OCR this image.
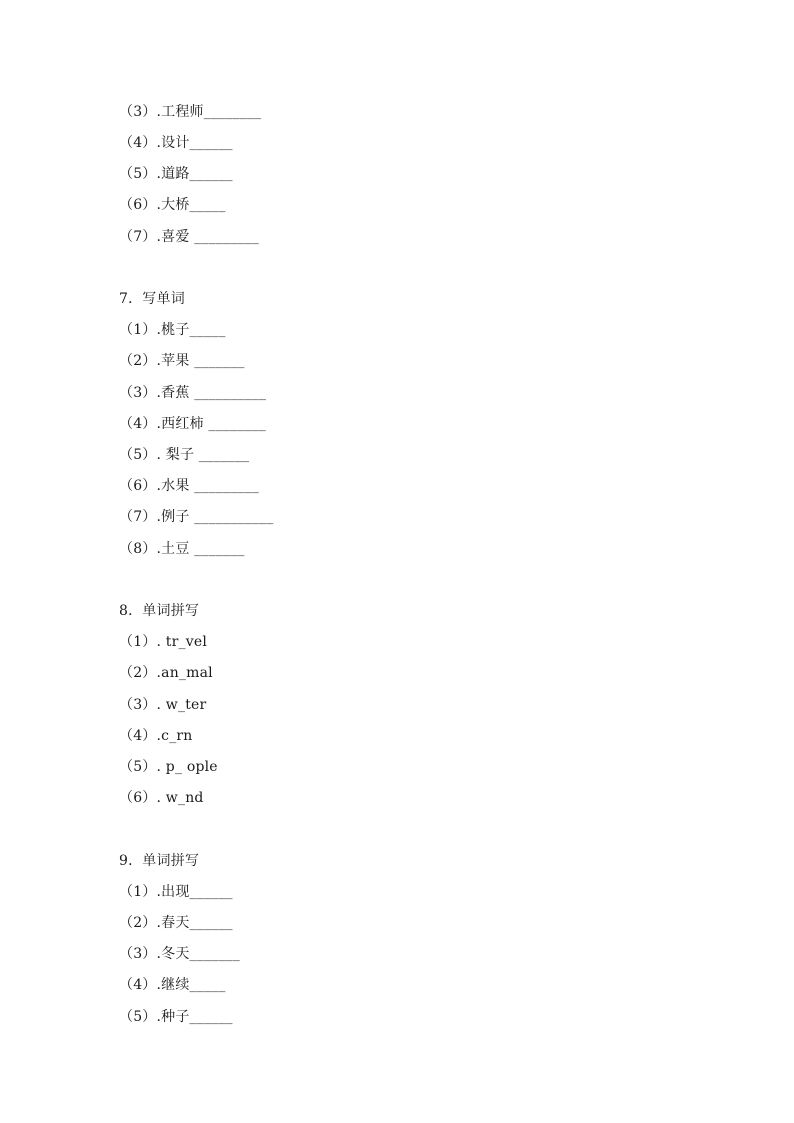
（3）.工程师________
（4）.设计______
（5）.道路______
（6）.大桥_____
（7）.喜爱 _________
7．写单词
（1）.桃子_____
（2）.苹果 _______
（3）.香蕉 __________
（4）.西红柿 ________
（5）. 梨子 _______
（6）.水果 _________
（7）.例子 ___________
（8）.土豆 _______
8．单词拼写
（1）. tr_vel
（2）.an_mal
（3）. w_ter
（4）.c_rn
（5）. p_ ople
（6）. w_nd
9．单词拼写
（1）.出现______
（2）.春天______
（3）.冬天_______
（4）.继续_____
（5）.种子______
